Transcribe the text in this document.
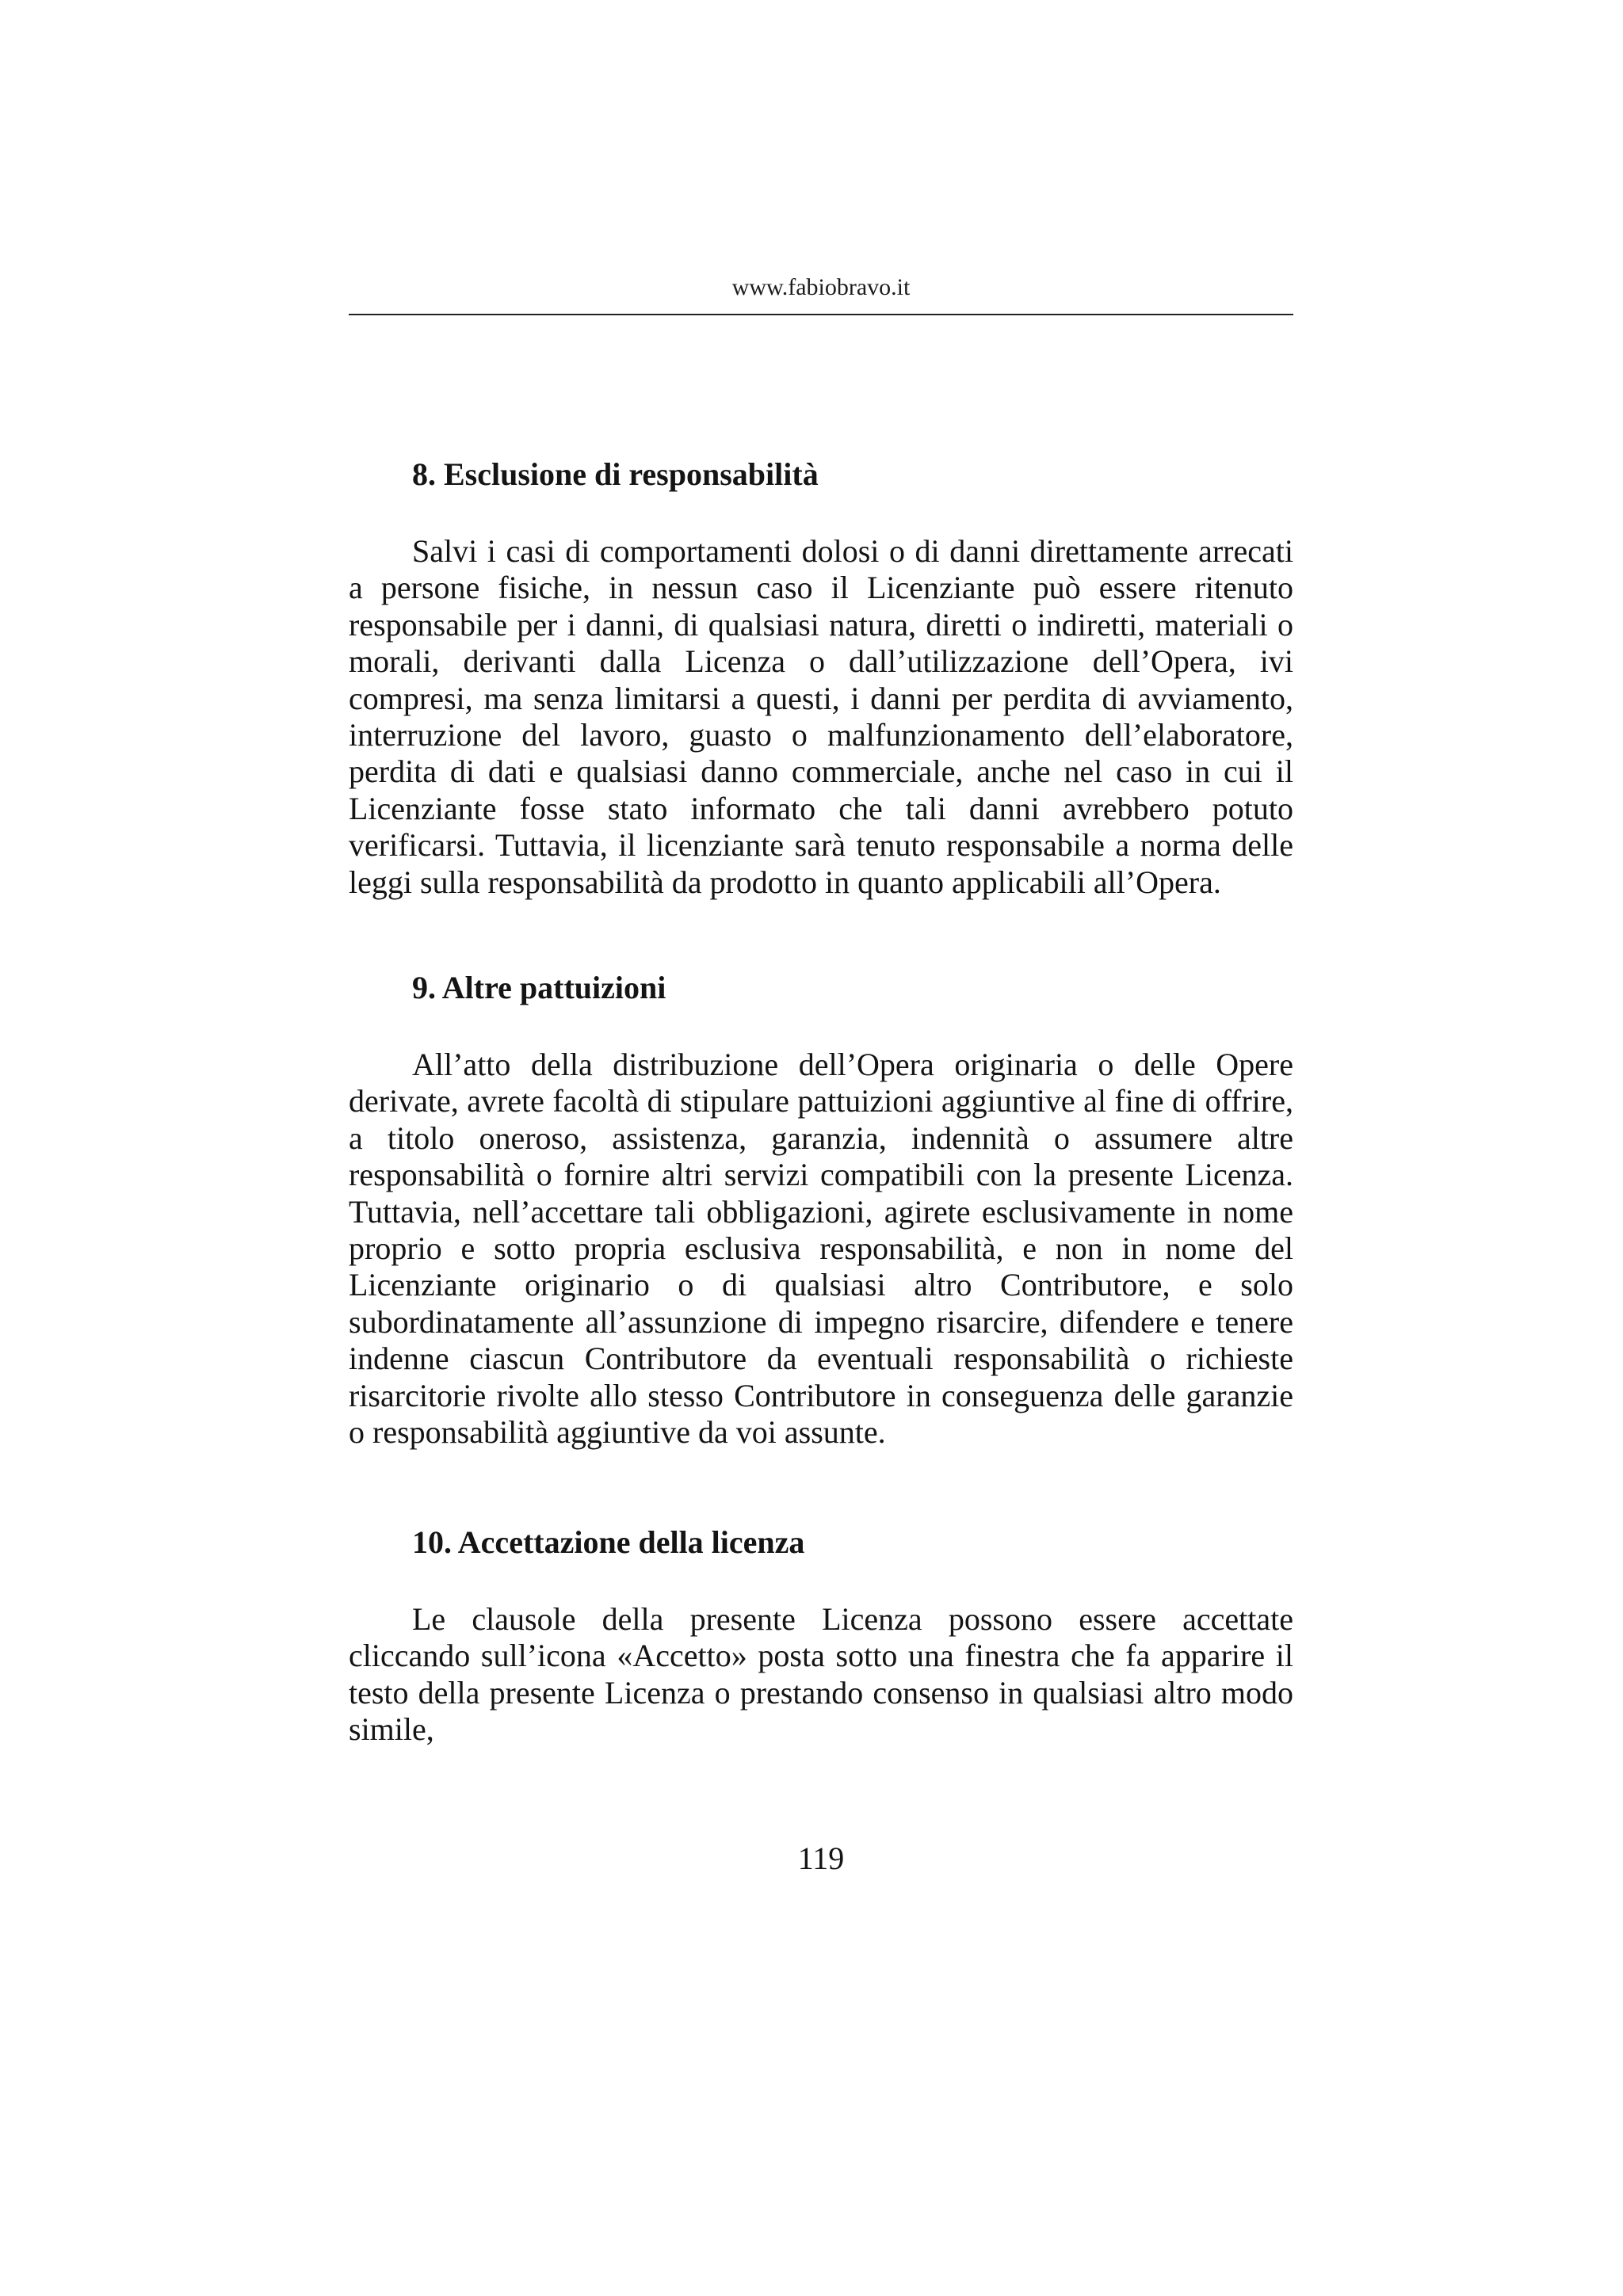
www.fabiobravo.it
8. Esclusione di responsabilità

Salvi i casi di comportamenti dolosi o di danni direttamente arrecati a persone fisiche, in nessun caso il Licenziante può essere ritenuto responsabile per i danni, di qualsiasi natura, diretti o indiretti, materiali o morali, derivanti dalla Licenza o dall’utilizzazione dell’Opera, ivi compresi, ma senza limitarsi a questi, i danni per perdita di avviamento, interruzione del lavoro, guasto o malfunzionamento dell’elaboratore, perdita di dati e qualsiasi danno commerciale, anche nel caso in cui il Licenziante fosse stato informato che tali danni avrebbero potuto verificarsi. Tuttavia, il licenziante sarà tenuto responsabile a norma delle leggi sulla responsabilità da prodotto in quanto applicabili all’Opera.

9. Altre pattuizioni

All’atto della distribuzione dell’Opera originaria o delle Opere derivate, avrete facoltà di stipulare pattuizioni aggiuntive al fine di offrire, a titolo oneroso, assistenza, garanzia, indennità o assumere altre responsabilità o fornire altri servizi compatibili con la presente Licenza. Tuttavia, nell’accettare tali obbligazioni, agirete esclusivamente in nome proprio e sotto propria esclusiva responsabilità, e non in nome del Licenziante originario o di qualsiasi altro Contributore, e solo subordinatamente all’assunzione di impegno risarcire, difendere e tenere indenne ciascun Contributore da eventuali responsabilità o richieste risarcitorie rivolte allo stesso Contributore in conseguenza delle garanzie o responsabilità aggiuntive da voi assunte.

10. Accettazione della licenza

Le clausole della presente Licenza possono essere accettate cliccando sull’icona «Accetto» posta sotto una finestra che fa apparire il testo della presente Licenza o prestando consenso in qualsiasi altro modo simile,

119
